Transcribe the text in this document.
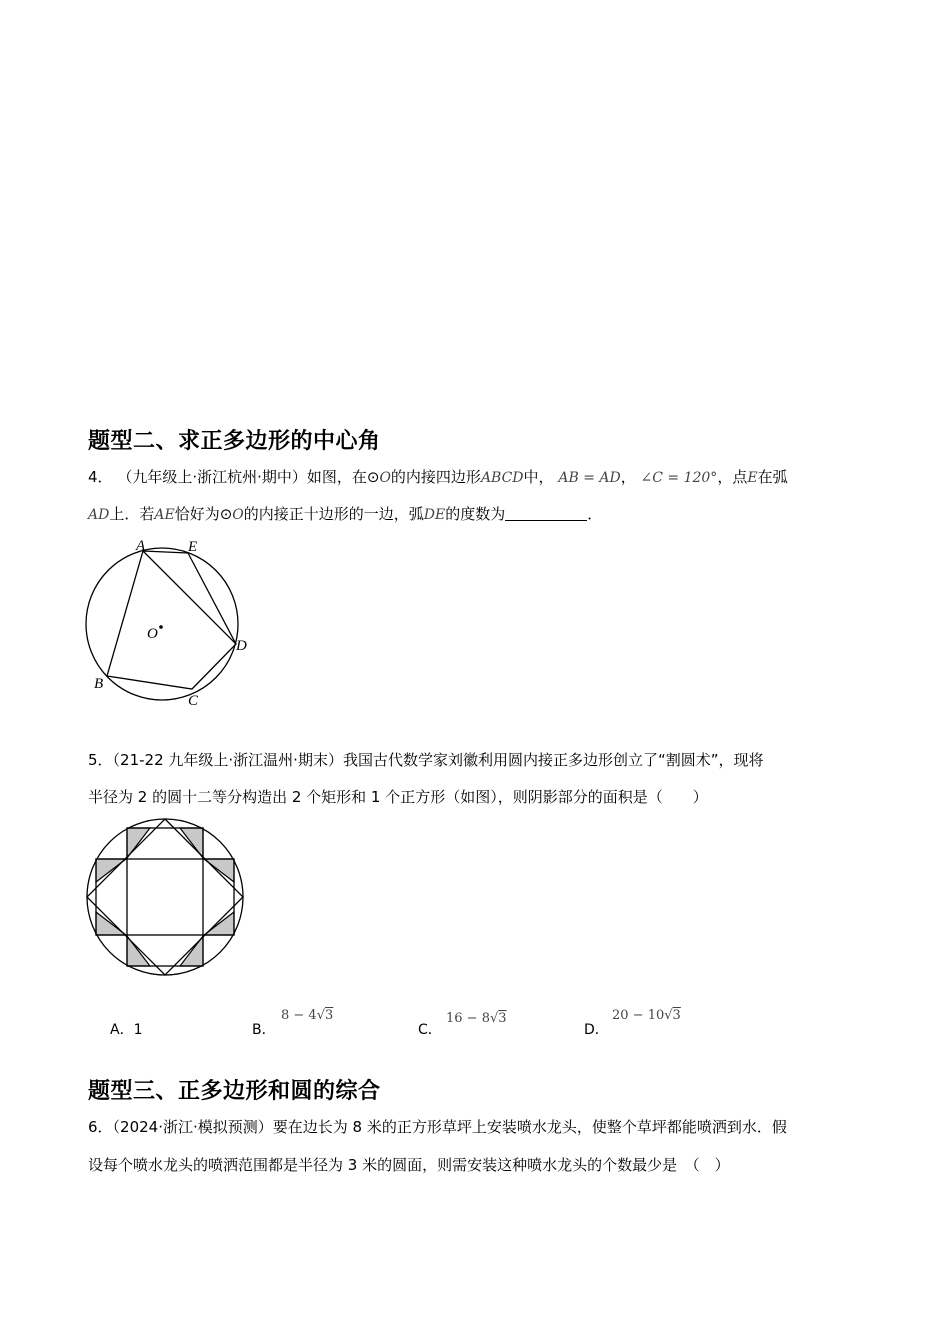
题型二、求正多边形的中心角
4． （九年级上·浙江杭州·期中）如图，在⊙O的内接四边形ABCD中， AB = AD， ∠C = 120°，点E在弧
AD上．若AE恰好为⊙O的内接正十边形的一边，弧DE的度数为	．
A	E
O
D
B
C
5．（21-22 九年级上·浙江温州·期末）我国古代数学家刘徽利用圆内接正多边形创立了“割圆术”，现将
半径为 2 的圆十二等分构造出 2 个矩形和 1 个正方形（如图），则阴影部分的面积是（　　）
A．1	B．
8 − 4√3
C．
16 − 8√3
D．
20 − 10√3
题型三、正多边形和圆的综合
6．（2024·浙江·模拟预测）要在边长为 8 米的正方形草坪上安装喷水龙头，使整个草坪都能喷洒到水．假
设每个喷水龙头的喷洒范围都是半径为 3 米的圆面，则需安装这种喷水龙头的个数最少是　（　）
